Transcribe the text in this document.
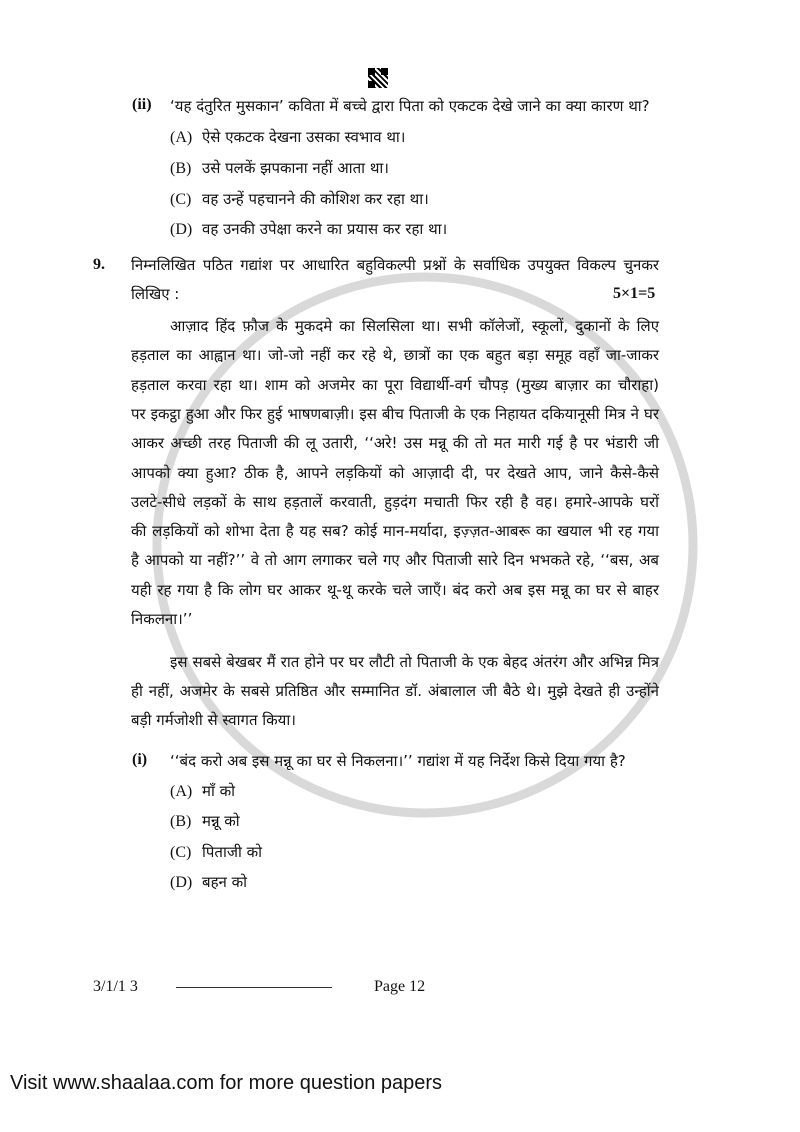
(ii) ‘यह दंतुरित मुसकान’ कविता में बच्चे द्वारा पिता को एकटक देखे जाने का क्या कारण था?
(A) ऐसे एकटक देखना उसका स्वभाव था।
(B) उसे पलकें झपकाना नहीं आता था।
(C) वह उन्हें पहचानने की कोशिश कर रहा था।
(D) वह उनकी उपेक्षा करने का प्रयास कर रहा था।
9. निम्नलिखित पठित गद्यांश पर आधारित बहुविकल्पी प्रश्नों के सर्वाधिक उपयुक्त विकल्प चुनकर
लिखिए :	5×1=5
आज़ाद हिंद फ़ौज के मुकदमे का सिलसिला था। सभी कॉलेजों, स्कूलों, दुकानों के लिए
हड़ताल का आह्वान था। जो-जो नहीं कर रहे थे, छात्रों का एक बहुत बड़ा समूह वहाँ जा-जाकर
हड़ताल करवा रहा था। शाम को अजमेर का पूरा विद्यार्थी-वर्ग चौपड़ (मुख्य बाज़ार का चौराहा)
पर इकट्ठा हुआ और फिर हुई भाषणबाज़ी। इस बीच पिताजी के एक निहायत दकियानूसी मित्र ने घर
आकर अच्छी तरह पिताजी की लू उतारी, ‘‘अरे! उस मन्नू की तो मत मारी गई है पर भंडारी जी
आपको क्या हुआ? ठीक है, आपने लड़कियों को आज़ादी दी, पर देखते आप, जाने कैसे-कैसे
उलटे-सीधे लड़कों के साथ हड़तालें करवाती, हुड़दंग मचाती फिर रही है वह। हमारे-आपके घरों
की लड़कियों को शोभा देता है यह सब? कोई मान-मर्यादा, इज़्ज़त-आबरू का खयाल भी रह गया
है आपको या नहीं?’’ वे तो आग लगाकर चले गए और पिताजी सारे दिन भभकते रहे, ‘‘बस, अब
यही रह गया है कि लोग घर आकर थू-थू करके चले जाएँ। बंद करो अब इस मन्नू का घर से बाहर
निकलना।’’
इस सबसे बेखबर मैं रात होने पर घर लौटी तो पिताजी के एक बेहद अंतरंग और अभिन्न मित्र
ही नहीं, अजमेर के सबसे प्रतिष्ठित और सम्मानित डॉ. अंबालाल जी बैठे थे। मुझे देखते ही उन्होंने
बड़ी गर्मजोशी से स्वागत किया।
(i) ‘‘बंद करो अब इस मन्नू का घर से निकलना।’’ गद्यांश में यह निर्देश किसे दिया गया है?
(A) माँ को
(B) मन्नू को
(C) पिताजी को
(D) बहन को
3/1/1 3	Page 12
Visit www.shaalaa.com for more question papers
